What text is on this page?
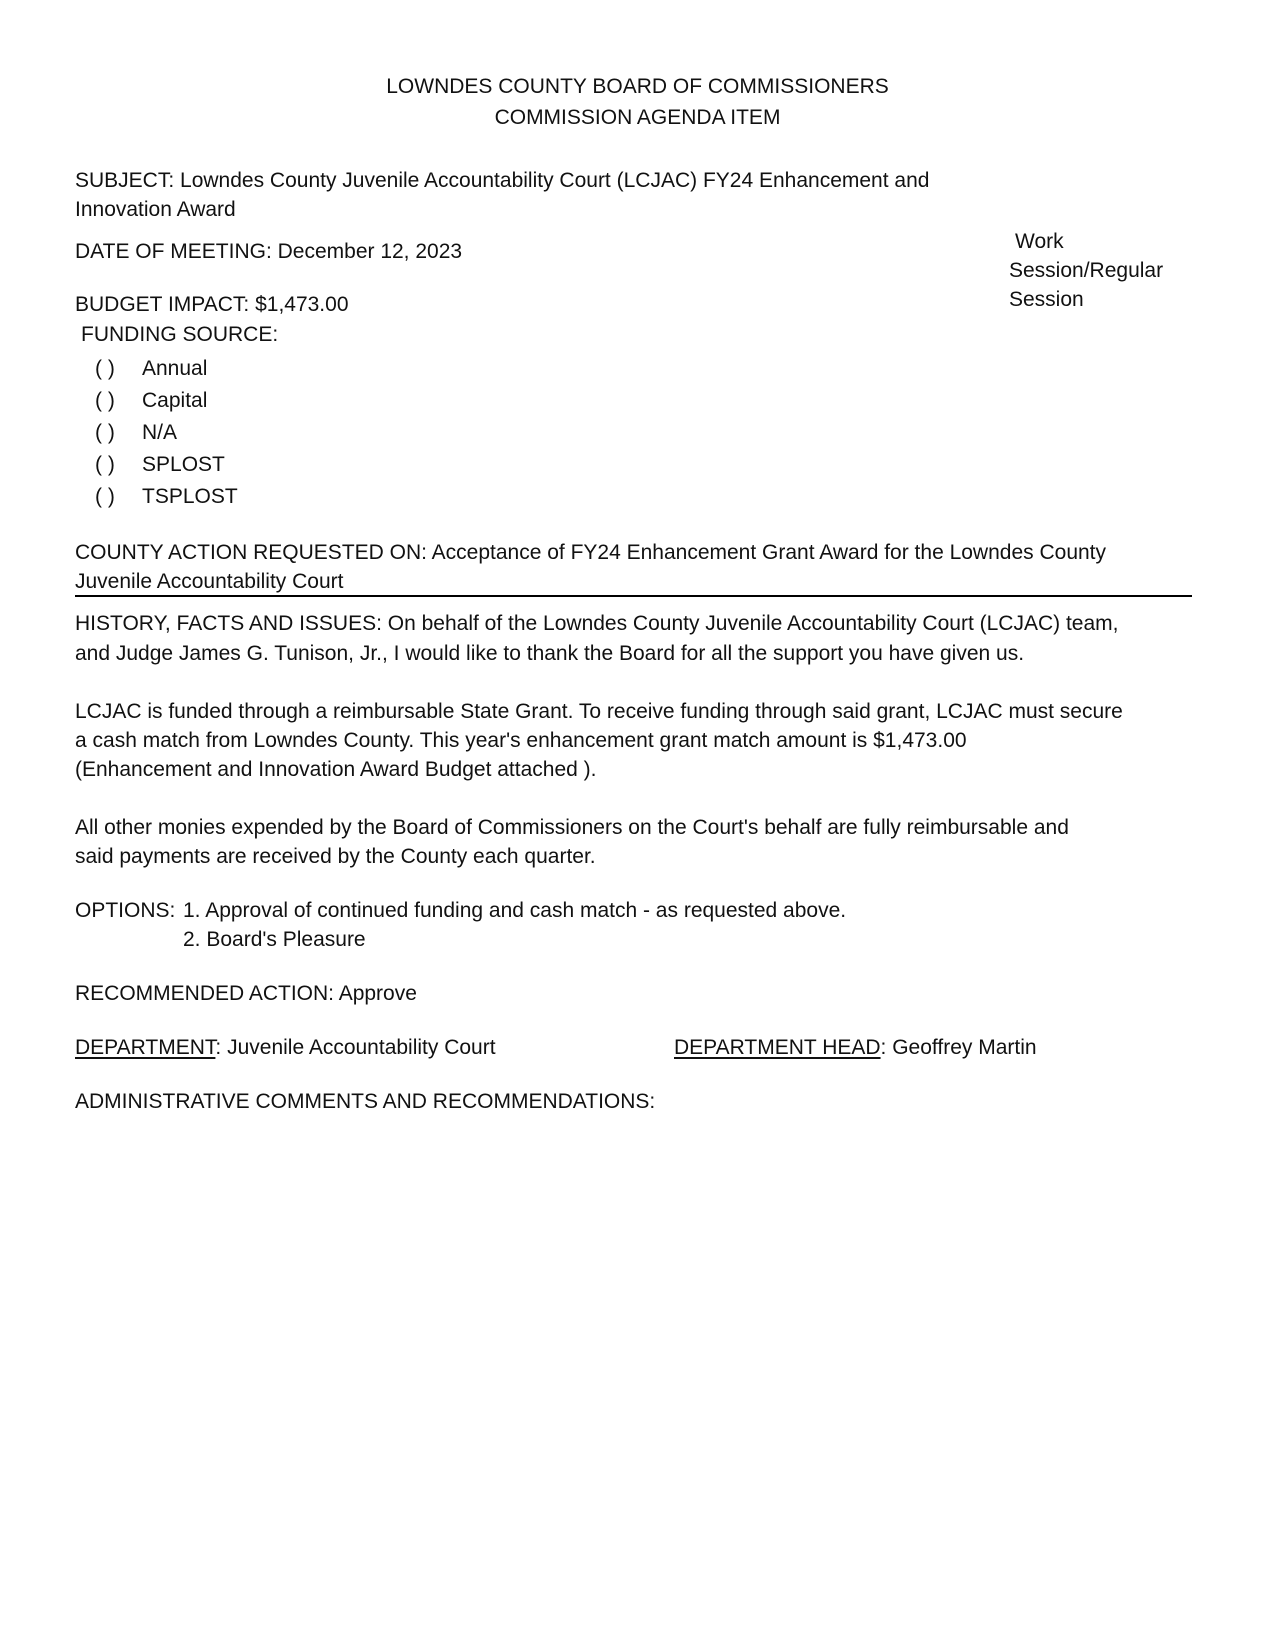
LOWNDES COUNTY BOARD OF COMMISSIONERS
COMMISSION AGENDA ITEM
SUBJECT: Lowndes County Juvenile Accountability Court (LCJAC) FY24 Enhancement and
Innovation Award
DATE OF MEETING: December 12, 2023	Work
Session/Regular
Session
BUDGET IMPACT: $1,473.00
FUNDING SOURCE:
( ) Annual
( ) Capital
( ) N/A
( ) SPLOST
( ) TSPLOST
COUNTY ACTION REQUESTED ON: Acceptance of FY24 Enhancement Grant Award for the Lowndes County
Juvenile Accountability Court
HISTORY, FACTS AND ISSUES: On behalf of the Lowndes County Juvenile Accountability Court (LCJAC) team,
and Judge James G. Tunison, Jr., I would like to thank the Board for all the support you have given us.
LCJAC is funded through a reimbursable State Grant. To receive funding through said grant, LCJAC must secure
a cash match from Lowndes County. This year's enhancement grant match amount is $1,473.00
(Enhancement and Innovation Award Budget attached ).
All other monies expended by the Board of Commissioners on the Court's behalf are fully reimbursable and
said payments are received by the County each quarter.
OPTIONS: 1. Approval of continued funding and cash match - as requested above.
2. Board's Pleasure
RECOMMENDED ACTION: Approve
DEPARTMENT: Juvenile Accountability Court	DEPARTMENT HEAD: Geoffrey Martin
ADMINISTRATIVE COMMENTS AND RECOMMENDATIONS:
